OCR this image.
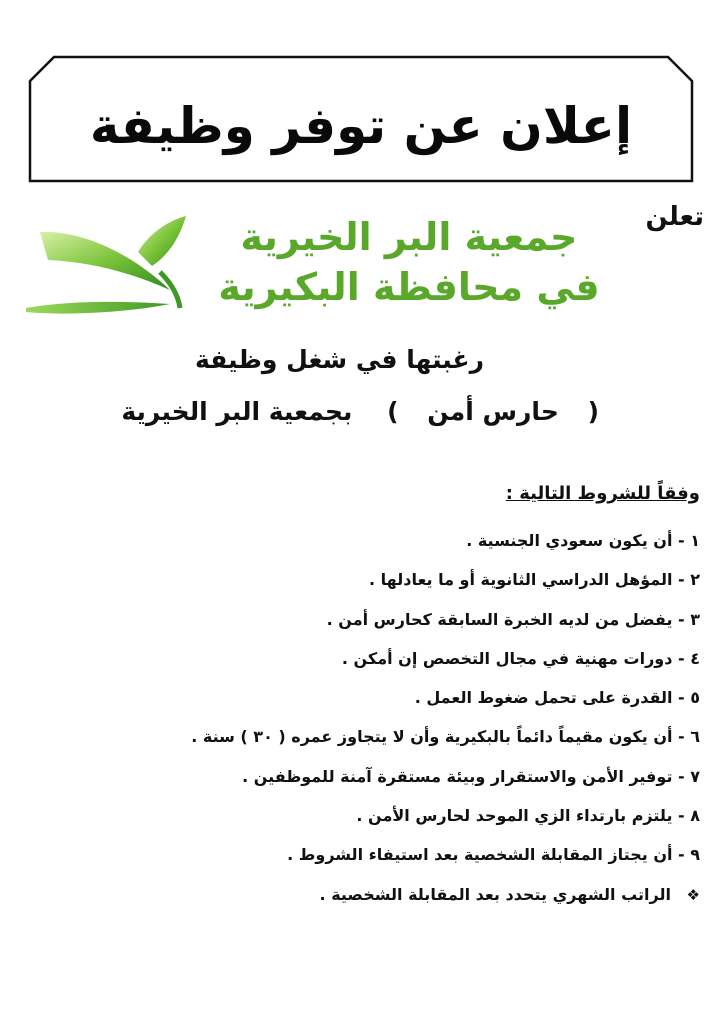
إعلان عن توفر وظيفة
تعلن
جمعية البر الخيرية
في محافظة البكيرية
رغبتها في شغل وظيفة
( حارس أمن ) بجمعية البر الخيرية
وفقاً للشروط التالية :
١ - أن يكون سعودي الجنسية .
٢ - المؤهل الدراسي الثانوية أو ما يعادلها .
٣ - يفضل من لديه الخبرة السابقة كحارس أمن .
٤ - دورات مهنية في مجال التخصص إن أمكن .
٥ - القدرة على تحمل ضغوط العمل .
٦ - أن يكون مقيماً دائماً بالبكيرية وأن لا يتجاوز عمره ( ٣٠ ) سنة .
٧ - توفير الأمن والاستقرار وبيئة مستقرة آمنة للموظفين .
٨ - يلتزم بارتداء الزي الموحد لحارس الأمن .
٩ - أن يجتاز المقابلة الشخصية بعد استيفاء الشروط .
❖ الراتب الشهري يتحدد بعد المقابلة الشخصية .
